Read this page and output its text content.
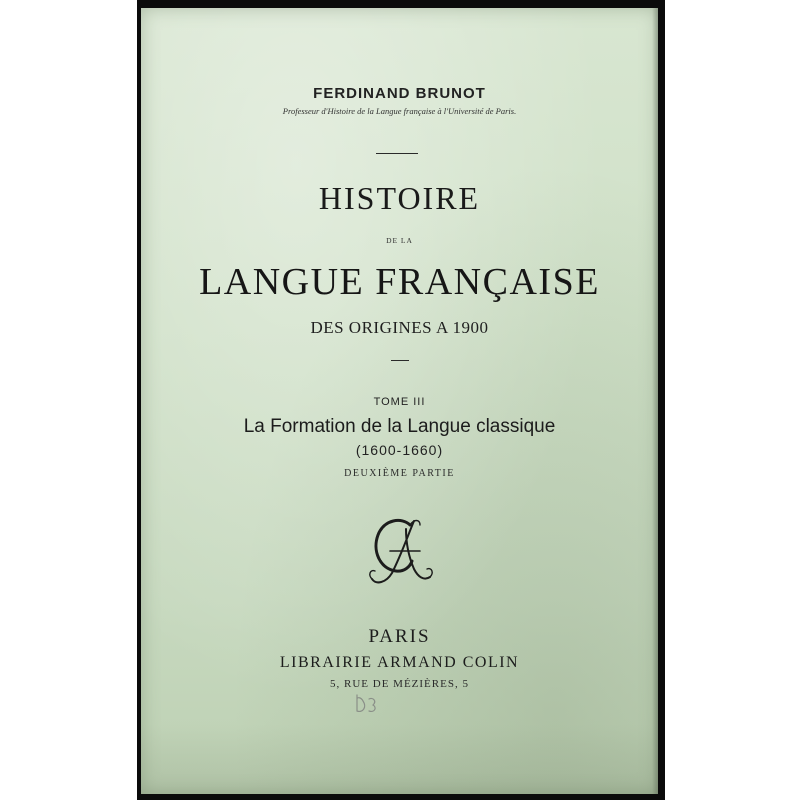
FERDINAND BRUNOT
Professeur d'Histoire de la Langue française à l'Université de Paris.
HISTOIRE
DE LA
LANGUE FRANÇAISE
DES ORIGINES A 1900
TOME III
La Formation de la Langue classique
(1600-1660)
DEUXIÈME PARTIE
PARIS
LIBRAIRIE ARMAND COLIN
5, RUE DE MÉZIÈRES, 5
